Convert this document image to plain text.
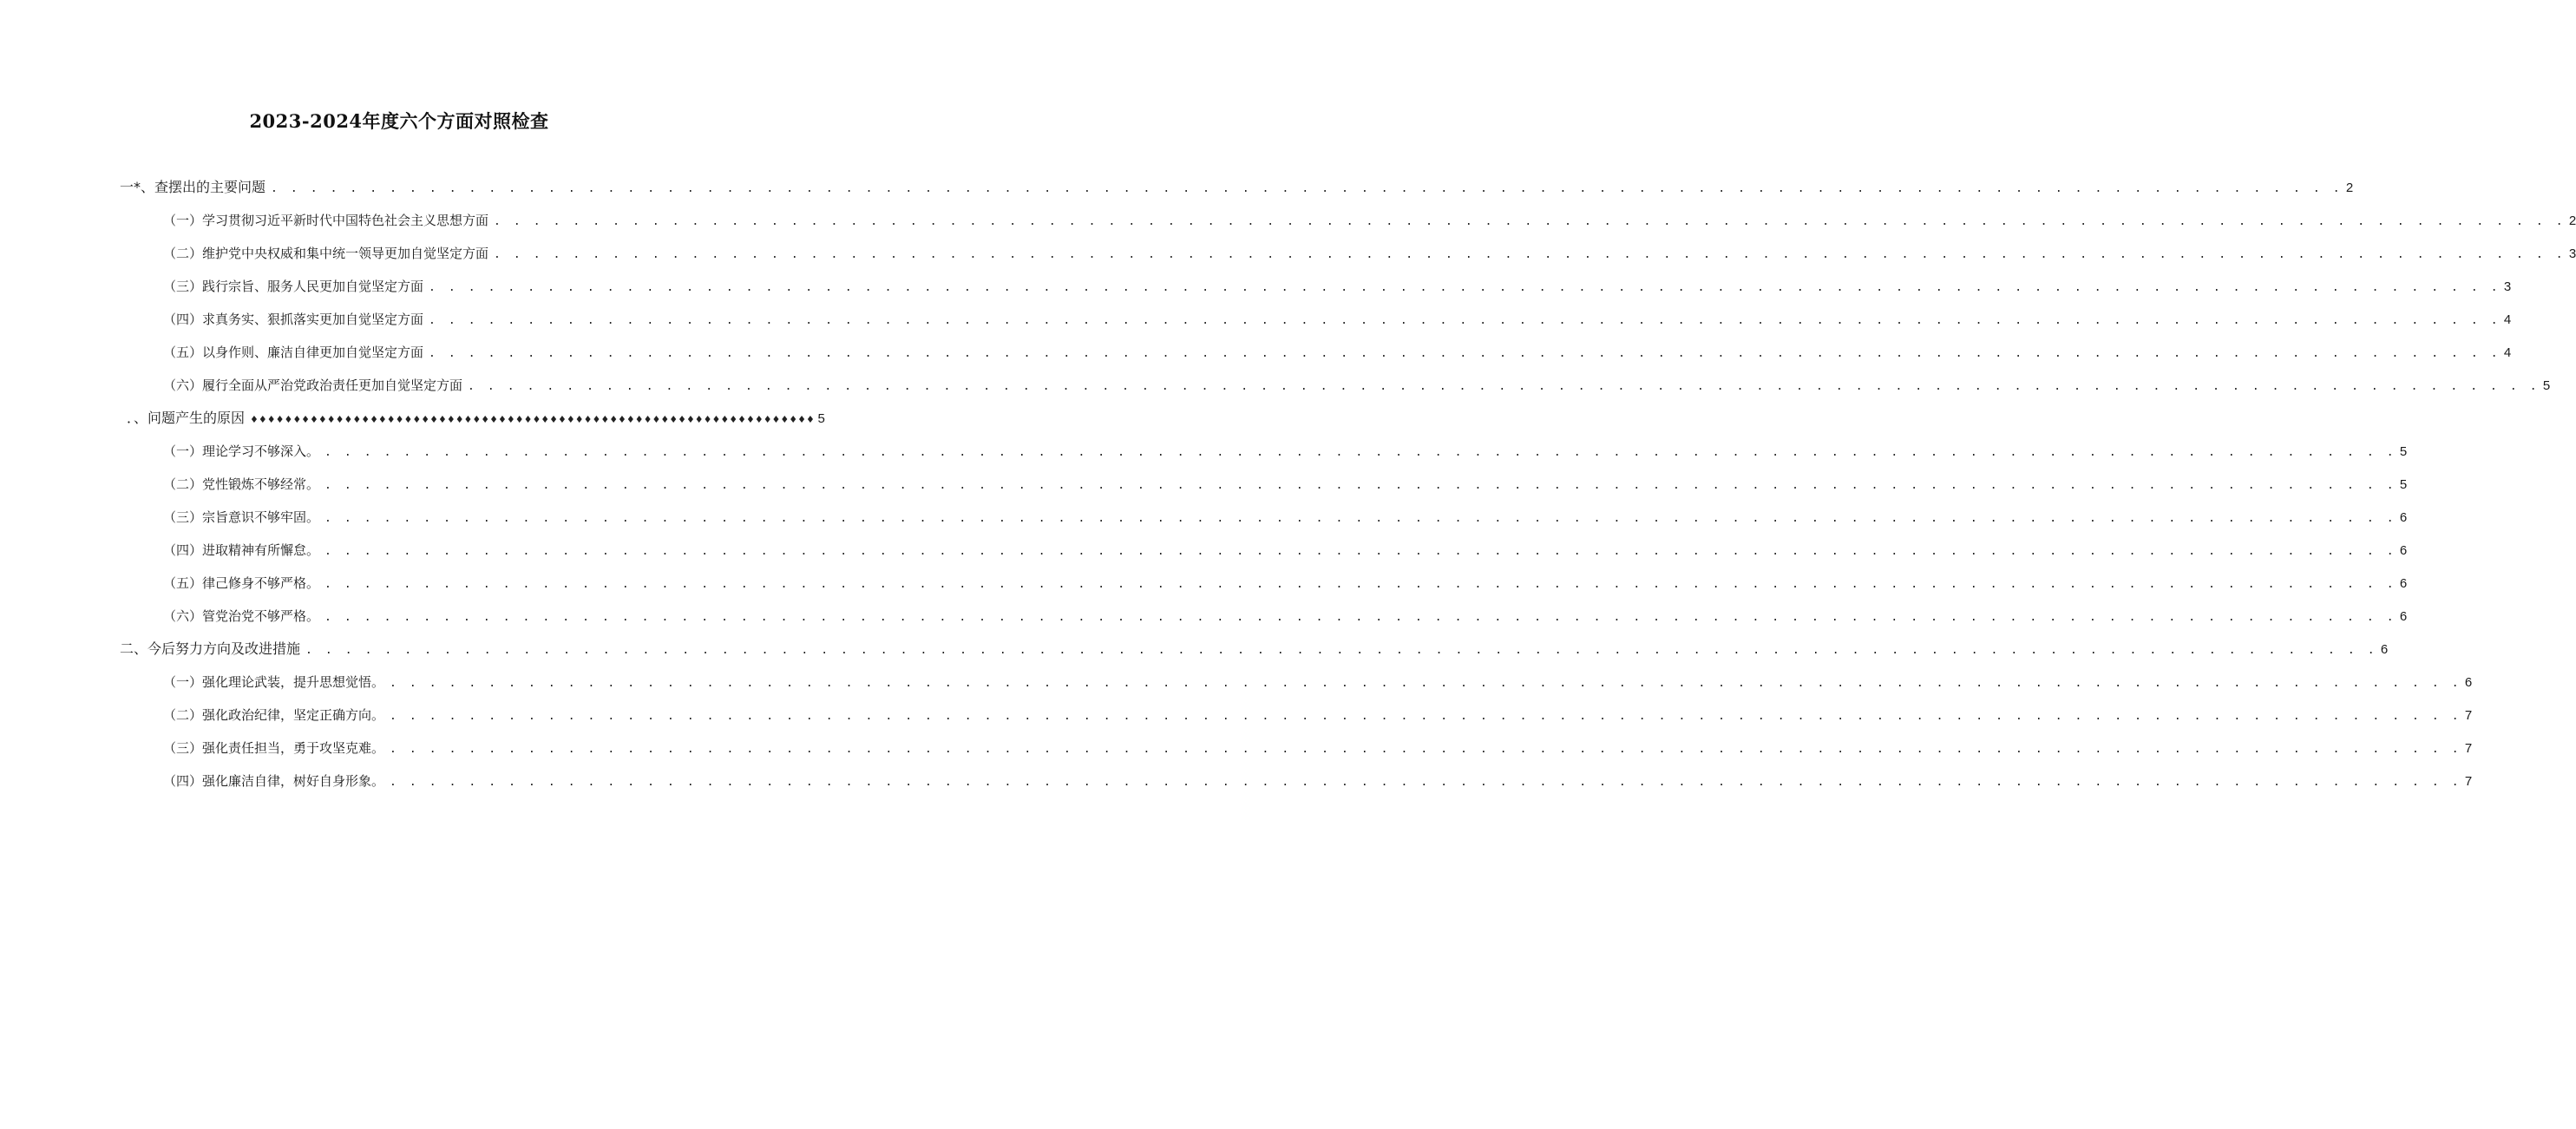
2023-2024年度六个方面对照检查
一*、查摆出的主要问题 . . . . . . . . . . . . . . . . . . . . . . . . . . . . . . . . . . . . . . . . . . . . . . . . . . . . . . . . . . . . . . . . . . . . . . . . . . . . . . . . . . . . . . . . . . . . . . . . . . . . . . . . . 2
（一）学习贯彻习近平新时代中国特色社会主义思想方面 . . . . . . . . . . . . . . . . . . . . . . . . . . . . . . . . . . . . . . . . . . . . . . . . . . . . . . . . . . . . . . . . . . . . . . . . . . . . . . . . . . . . . . . . . . . . . . . . . . . . . . . . . 2
（二）维护党中央权威和集中统一领导更加自觉坚定方面 . . . . . . . . . . . . . . . . . . . . . . . . . . . . . . . . . . . . . . . . . . . . . . . . . . . . . . . . . . . . . . . . . . . . . . . . . . . . . . . . . . . . . . . . . . . . . . . . . . . . . . . . . 3
（三）践行宗旨、服务人民更加自觉坚定方面 . . . . . . . . . . . . . . . . . . . . . . . . . . . . . . . . . . . . . . . . . . . . . . . . . . . . . . . . . . . . . . . . . . . . . . . . . . . . . . . . . . . . . . . . . . . . . . . . . . . . . . . . . 3
（四）求真务实、狠抓落实更加自觉坚定方面 . . . . . . . . . . . . . . . . . . . . . . . . . . . . . . . . . . . . . . . . . . . . . . . . . . . . . . . . . . . . . . . . . . . . . . . . . . . . . . . . . . . . . . . . . . . . . . . . . . . . . . . . . 4
（五）以身作则、廉洁自律更加自觉坚定方面 . . . . . . . . . . . . . . . . . . . . . . . . . . . . . . . . . . . . . . . . . . . . . . . . . . . . . . . . . . . . . . . . . . . . . . . . . . . . . . . . . . . . . . . . . . . . . . . . . . . . . . . . . 4
（六）履行全面从严治党政治责任更加自觉坚定方面 . . . . . . . . . . . . . . . . . . . . . . . . . . . . . . . . . . . . . . . . . . . . . . . . . . . . . . . . . . . . . . . . . . . . . . . . . . . . . . . . . . . . . . . . . . . . . . . . . . . . . . . . . 5
．、问题产生的原因 ♦♦♦♦♦♦♦♦♦♦♦♦♦♦♦♦♦♦♦♦♦♦♦♦♦♦♦♦♦♦♦♦♦♦♦♦♦♦♦♦♦♦♦♦♦♦♦♦♦♦♦♦♦♦♦♦♦♦♦♦♦♦♦♦♦♦ 5
（一）理论学习不够深入。 . . . . . . . . . . . . . . . . . . . . . . . . . . . . . . . . . . . . . . . . . . . . . . . . . . . . . . . . . . . . . . . . . . . . . . . . . . . . . . . . . . . . . . . . . . . . . . . . . . . . . . . . . 5
（二）党性锻炼不够经常。 . . . . . . . . . . . . . . . . . . . . . . . . . . . . . . . . . . . . . . . . . . . . . . . . . . . . . . . . . . . . . . . . . . . . . . . . . . . . . . . . . . . . . . . . . . . . . . . . . . . . . . . . . 5
（三）宗旨意识不够牢固。 . . . . . . . . . . . . . . . . . . . . . . . . . . . . . . . . . . . . . . . . . . . . . . . . . . . . . . . . . . . . . . . . . . . . . . . . . . . . . . . . . . . . . . . . . . . . . . . . . . . . . . . . . 6
（四）进取精神有所懈怠。 . . . . . . . . . . . . . . . . . . . . . . . . . . . . . . . . . . . . . . . . . . . . . . . . . . . . . . . . . . . . . . . . . . . . . . . . . . . . . . . . . . . . . . . . . . . . . . . . . . . . . . . . . 6
（五）律己修身不够严格。 . . . . . . . . . . . . . . . . . . . . . . . . . . . . . . . . . . . . . . . . . . . . . . . . . . . . . . . . . . . . . . . . . . . . . . . . . . . . . . . . . . . . . . . . . . . . . . . . . . . . . . . . . 6
（六）管党治党不够严格。 . . . . . . . . . . . . . . . . . . . . . . . . . . . . . . . . . . . . . . . . . . . . . . . . . . . . . . . . . . . . . . . . . . . . . . . . . . . . . . . . . . . . . . . . . . . . . . . . . . . . . . . . . 6
二、今后努力方向及改进措施 . . . . . . . . . . . . . . . . . . . . . . . . . . . . . . . . . . . . . . . . . . . . . . . . . . . . . . . . . . . . . . . . . . . . . . . . . . . . . . . . . . . . . . . . . . . . . . . . . . . . . . . . . 6
（一）强化理论武装，提升思想觉悟。 . . . . . . . . . . . . . . . . . . . . . . . . . . . . . . . . . . . . . . . . . . . . . . . . . . . . . . . . . . . . . . . . . . . . . . . . . . . . . . . . . . . . . . . . . . . . . . . . . . . . . . . . . 6
（二）强化政治纪律，坚定正确方向。 . . . . . . . . . . . . . . . . . . . . . . . . . . . . . . . . . . . . . . . . . . . . . . . . . . . . . . . . . . . . . . . . . . . . . . . . . . . . . . . . . . . . . . . . . . . . . . . . . . . . . . . . . 7
（三）强化责任担当，勇于攻坚克难。 . . . . . . . . . . . . . . . . . . . . . . . . . . . . . . . . . . . . . . . . . . . . . . . . . . . . . . . . . . . . . . . . . . . . . . . . . . . . . . . . . . . . . . . . . . . . . . . . . . . . . . . . . 7
（四）强化廉洁自律，树好自身形象。 . . . . . . . . . . . . . . . . . . . . . . . . . . . . . . . . . . . . . . . . . . . . . . . . . . . . . . . . . . . . . . . . . . . . . . . . . . . . . . . . . . . . . . . . . . . . . . . . . . . . . . . . . 7
